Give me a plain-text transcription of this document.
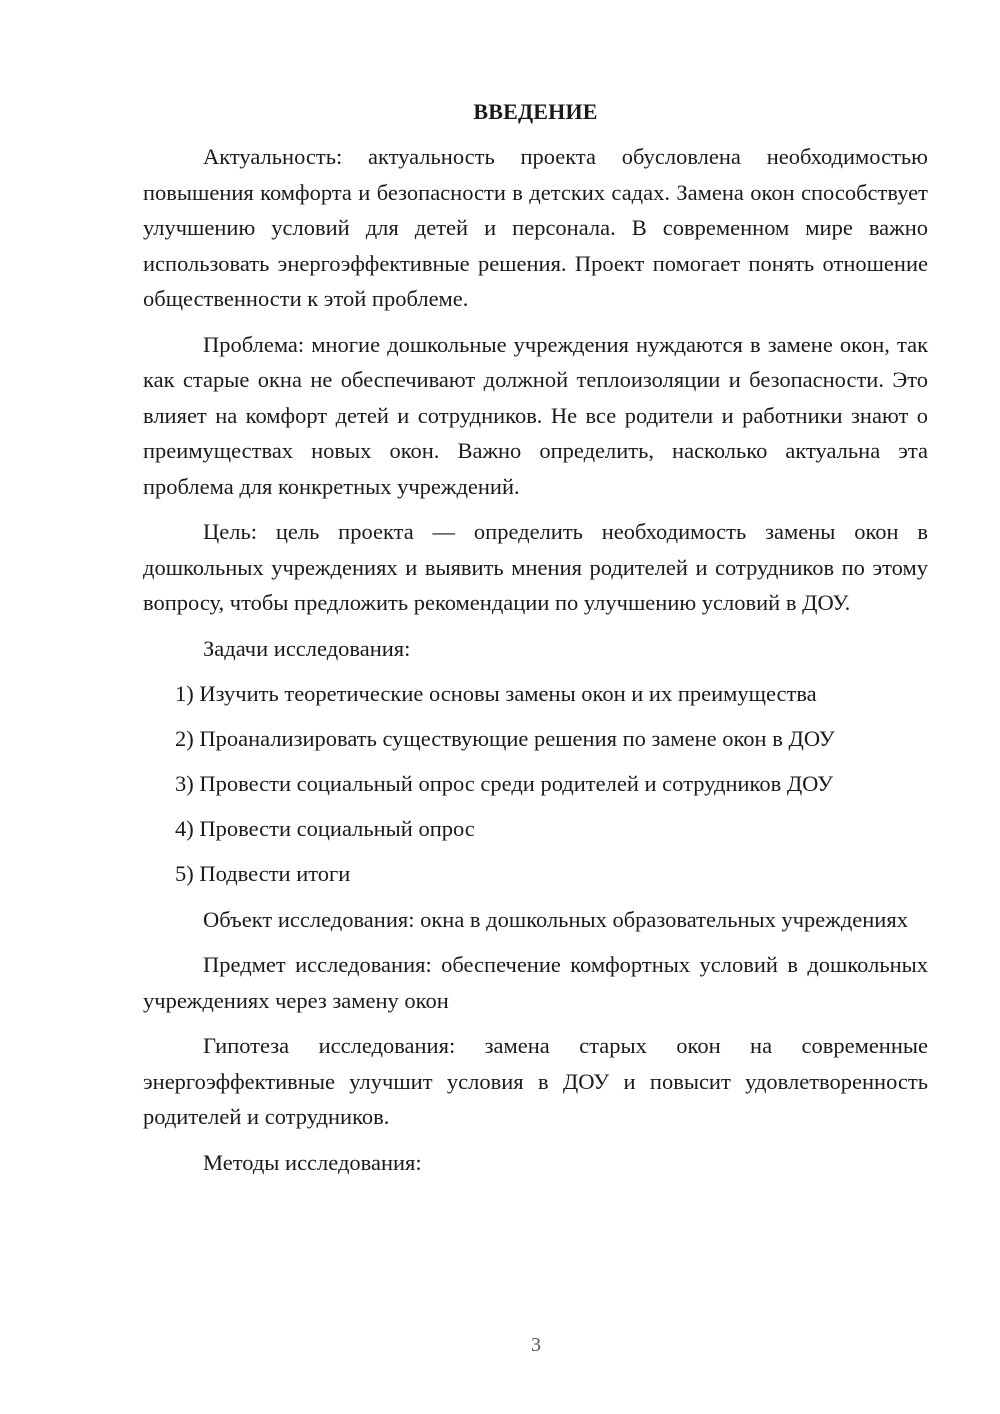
ВВЕДЕНИЕ

Актуальность: актуальность проекта обусловлена необходимостью повышения комфорта и безопасности в детских садах. Замена окон способствует улучшению условий для детей и персонала. В современном мире важно использовать энергоэффективные решения. Проект помогает понять отношение общественности к этой проблеме.

Проблема: многие дошкольные учреждения нуждаются в замене окон, так как старые окна не обеспечивают должной теплоизоляции и безопасности. Это влияет на комфорт детей и сотрудников. Не все родители и работники знают о преимуществах новых окон. Важно определить, насколько актуальна эта проблема для конкретных учреждений.

Цель: цель проекта — определить необходимость замены окон в дошкольных учреждениях и выявить мнения родителей и сотрудников по этому вопросу, чтобы предложить рекомендации по улучшению условий в ДОУ.

Задачи исследования:

1) Изучить теоретические основы замены окон и их преимущества
2) Проанализировать существующие решения по замене окон в ДОУ
3) Провести социальный опрос среди родителей и сотрудников ДОУ
4) Провести социальный опрос
5) Подвести итоги

Объект исследования: окна в дошкольных образовательных учреждениях

Предмет исследования: обеспечение комфортных условий в дошкольных учреждениях через замену окон

Гипотеза исследования: замена старых окон на современные энергоэффективные улучшит условия в ДОУ и повысит удовлетворенность родителей и сотрудников.

Методы исследования:

3
